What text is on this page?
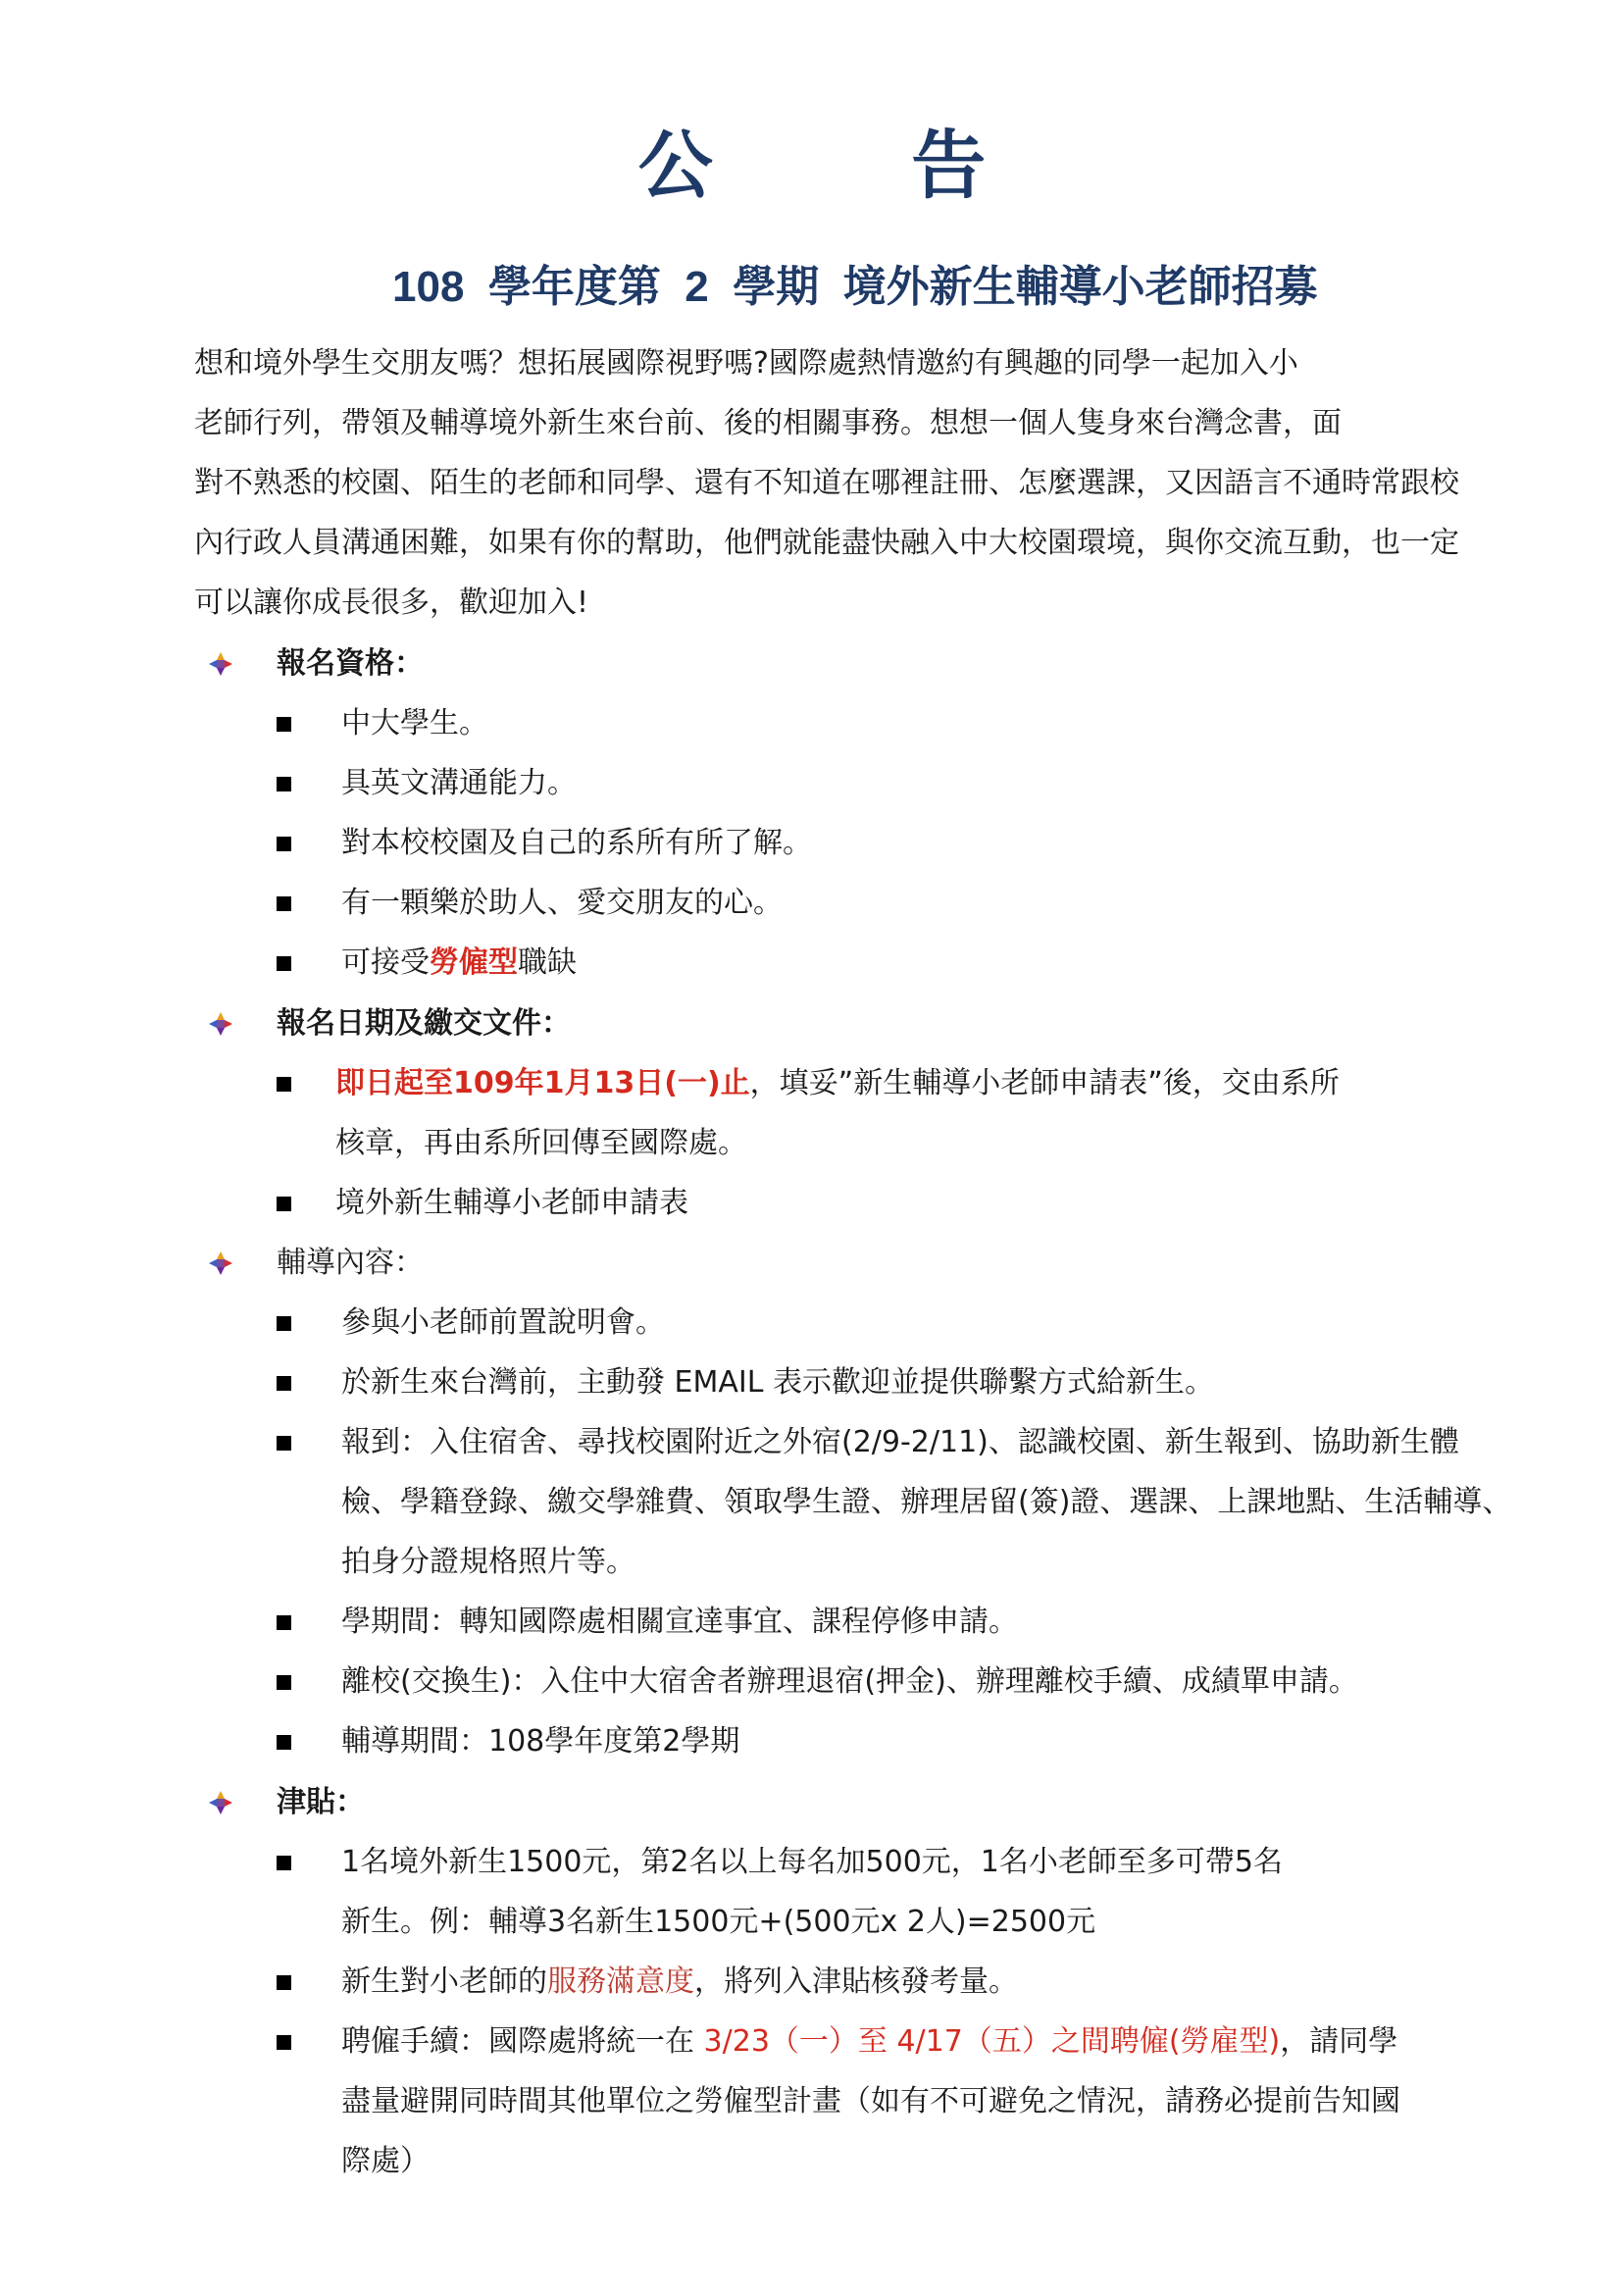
公 告
108  學年度第  2  學期  境外新生輔導小老師招募
想和境外學生交朋友嗎？想拓展國際視野嗎?國際處熱情邀約有興趣的同學一起加入小
老師行列，帶領及輔導境外新生來台前、後的相關事務。想想一個人隻身來台灣念書，面
對不熟悉的校園、陌生的老師和同學、還有不知道在哪裡註冊、怎麼選課，又因語言不通時常跟校
內行政人員溝通困難，如果有你的幫助，他們就能盡快融入中大校園環境，與你交流互動，也一定
可以讓你成長很多，歡迎加入!
報名資格：
中大學生。
具英文溝通能力。
對本校校園及自己的系所有所了解。
有一顆樂於助人、愛交朋友的心。
可接受勞僱型職缺
報名日期及繳交文件：
即日起至109年1月13日(一)止，填妥”新生輔導小老師申請表”後，交由系所
核章，再由系所回傳至國際處。
境外新生輔導小老師申請表
輔導內容：
參與小老師前置說明會。
於新生來台灣前，主動發 EMAIL 表示歡迎並提供聯繫方式給新生。
報到：入住宿舍、尋找校園附近之外宿(2/9-2/11)、認識校園、新生報到、協助新生體
檢、學籍登錄、繳交學雜費、領取學生證、辦理居留(簽)證、選課、上課地點、生活輔導、
拍身分證規格照片等。
學期間：轉知國際處相關宣達事宜、課程停修申請。
離校(交換生)：入住中大宿舍者辦理退宿(押金)、辦理離校手續、成績單申請。
輔導期間：108學年度第2學期
津貼：
1名境外新生1500元，第2名以上每名加500元，1名小老師至多可帶5名
新生。例：輔導3名新生1500元+(500元x 2人)=2500元
新生對小老師的服務滿意度，將列入津貼核發考量。
聘僱手續：國際處將統一在 3/23（一）至 4/17（五）之間聘僱(勞雇型)，請同學
盡量避開同時間其他單位之勞僱型計畫（如有不可避免之情況，請務必提前告知國
際處）
